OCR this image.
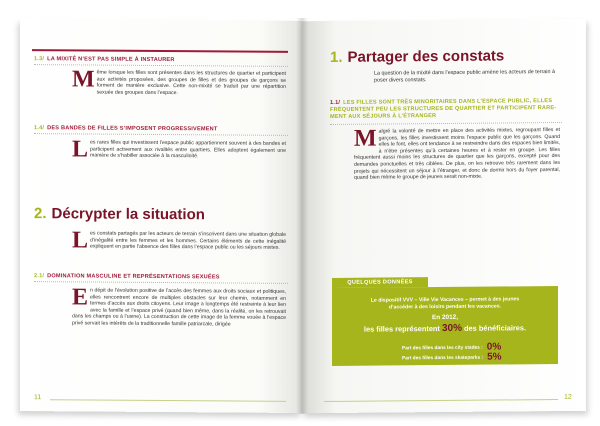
1.3/ LA MIXITÉ N’EST PAS SIMPLE À INSTAURER
Même lorsque les filles sont présentes dans les structures de quartier et participent aux activités proposées, des groupes de filles et des groupes de garçons se forment de manière exclusive. Cette non-mixité se traduit par une répartition sexuée des groupes dans l’espace.
1.4/ DES BANDES DE FILLES S’IMPOSENT PROGRESSIVEMENT
Les rares filles qui investissent l’espace public appartiennent souvent à des bandes et participent activement aux rivalités entre quartiers. Elles adoptent également une manière de s’habiller associée à la masculinité.
2. Décrypter la situation
Les constats partagés par les acteurs de terrain s’inscrivent dans une situation globale d’inégalité entre les femmes et les hommes. Certains éléments de cette inégalité expliquent en partie l’absence des filles dans l’espace public ou les séjours mixtes.
2.1/ DOMINATION MASCULINE ET REPRÉSENTATIONS SEXUÉES
En dépit de l’évolution positive de l’accès des femmes aux droits sociaux et politiques, elles rencontrent encore de multiples obstacles sur leur chemin, notamment en termes d’accès aux droits citoyens. Leur image a longtemps été restreinte à leur lien avec la famille et l’espace privé (quand bien même, dans la réalité, on les retrouvait dans les champs ou à l’usine). La construction de cette image de la femme vouée à l’espace privé servait les intérêts de la traditionnelle famille patriarcale, dirigée
11
1. Partager des constats
La question de la mixité dans l’espace public amène les acteurs de terrain à poser divers constats.
1.1/ LES FILLES SONT TRÈS MINORITAIRES DANS L’ESPACE PUBLIC, ELLES
FRÉQUENTENT PEU LES STRUCTURES DE QUARTIER ET PARTICIPENT RARE-
MENT AUX SÉJOURS À L’ÉTRANGER
Malgré la volonté de mettre en place des activités mixtes, regroupant filles et garçons, les filles investissent moins l’espace public que les garçons. Quand elles le font, elles ont tendance à se restreindre dans des espaces bien limités, à n’être présentes qu’à certaines heures et à rester en groupe. Les filles fréquentent aussi moins les structures de quartier que les garçons, excepté pour des demandes ponctuelles et très ciblées. De plus, on les retrouve très rarement dans les projets qui nécessitent un séjour à l’étranger, et donc de dormir hors du foyer parental, quand bien même le groupe de jeunes serait non-mixte.
QUELQUES DONNÉES
Le dispositif VVV – Ville Vie Vacances – permet à des jeunes
d’accéder à des loisirs pendant les vacances.
En 2012,
les filles représentent 30% des bénéficiaires.
Part des filles dans les city stades : 0%
Part des filles dans les skateparks : 5%
12
